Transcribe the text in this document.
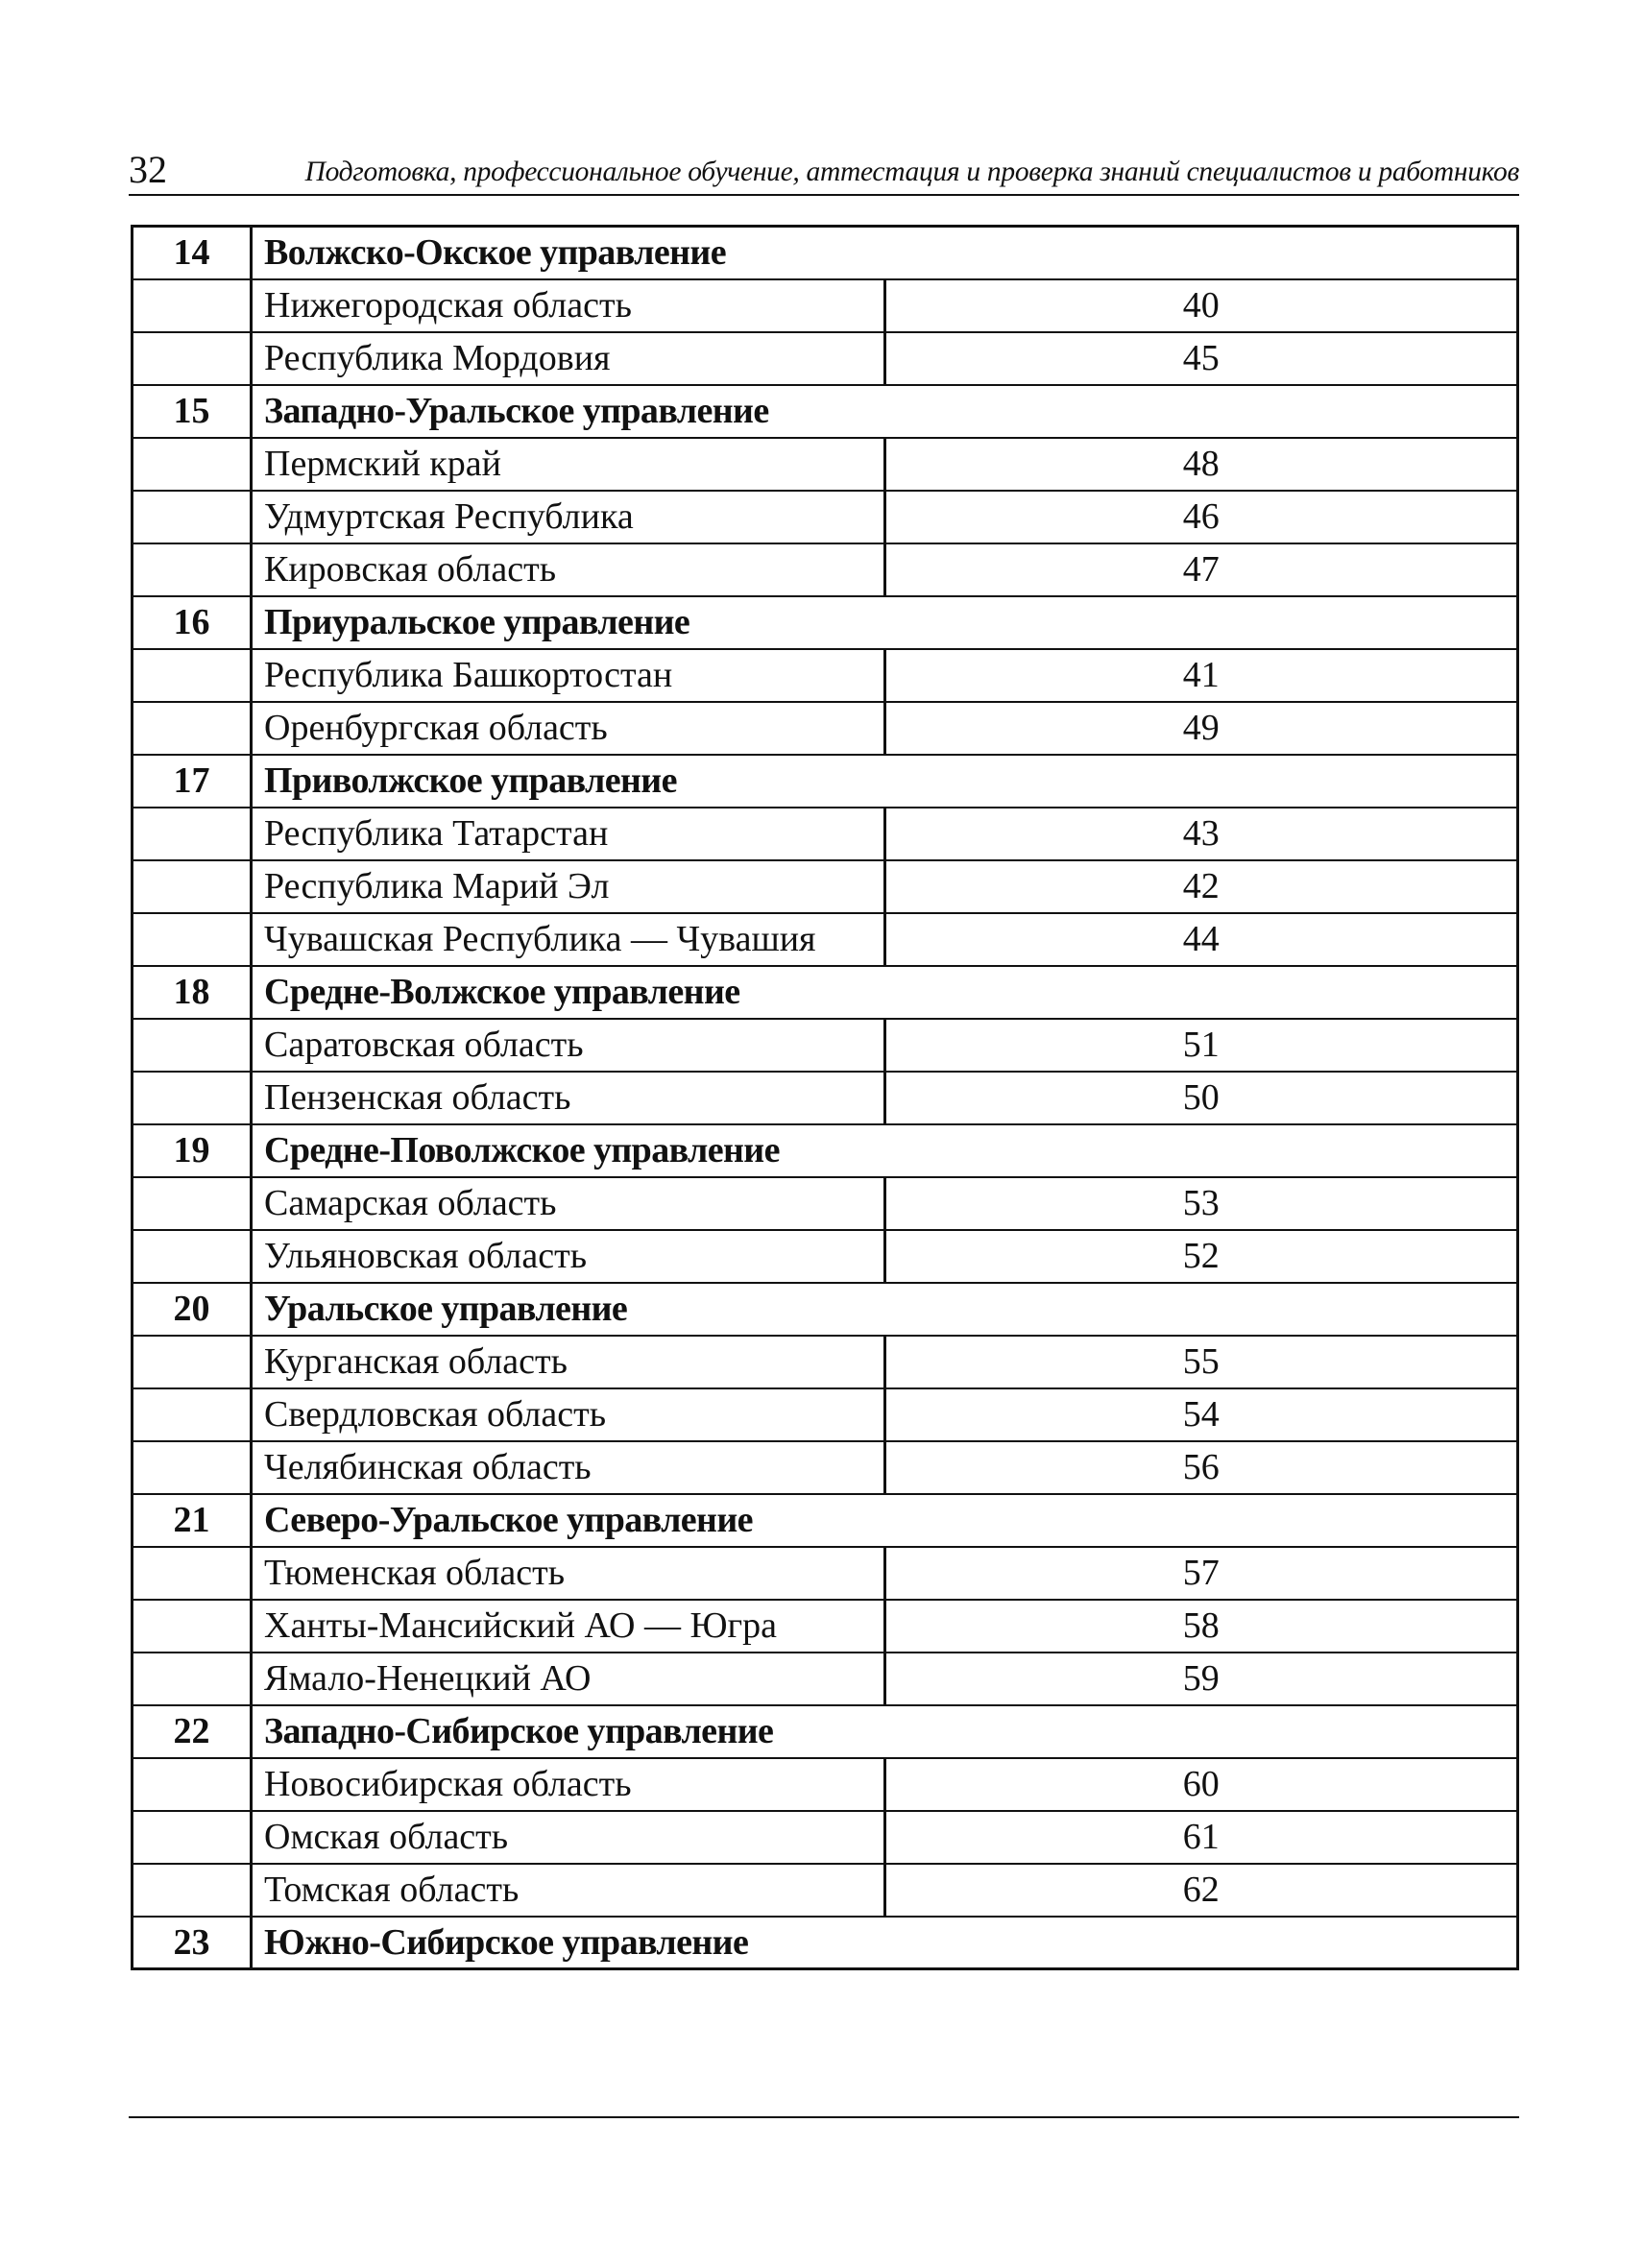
32	Подготовка, профессиональное обучение, аттестация и проверка знаний специалистов и работников
14	Волжско-Окское управление	
	Нижегородская область	40
	Республика Мордовия	45
15	Западно-Уральское управление	
	Пермский край	48
	Удмуртская Республика	46
	Кировская область	47
16	Приуральское управление	
	Республика Башкортостан	41
	Оренбургская область	49
17	Приволжское управление	
	Республика Татарстан	43
	Республика Марий Эл	42
	Чувашская Республика — Чувашия	44
18	Средне-Волжское управление	
	Саратовская область	51
	Пензенская область	50
19	Средне-Поволжское управление	
	Самарская область	53
	Ульяновская область	52
20	Уральское управление	
	Курганская область	55
	Свердловская область	54
	Челябинская область	56
21	Северо-Уральское управление	
	Тюменская область	57
	Ханты-Мансийский АО — Югра	58
	Ямало-Ненецкий АО	59
22	Западно-Сибирское управление	
	Новосибирская область	60
	Омская область	61
	Томская область	62
23	Южно-Сибирское управление	
